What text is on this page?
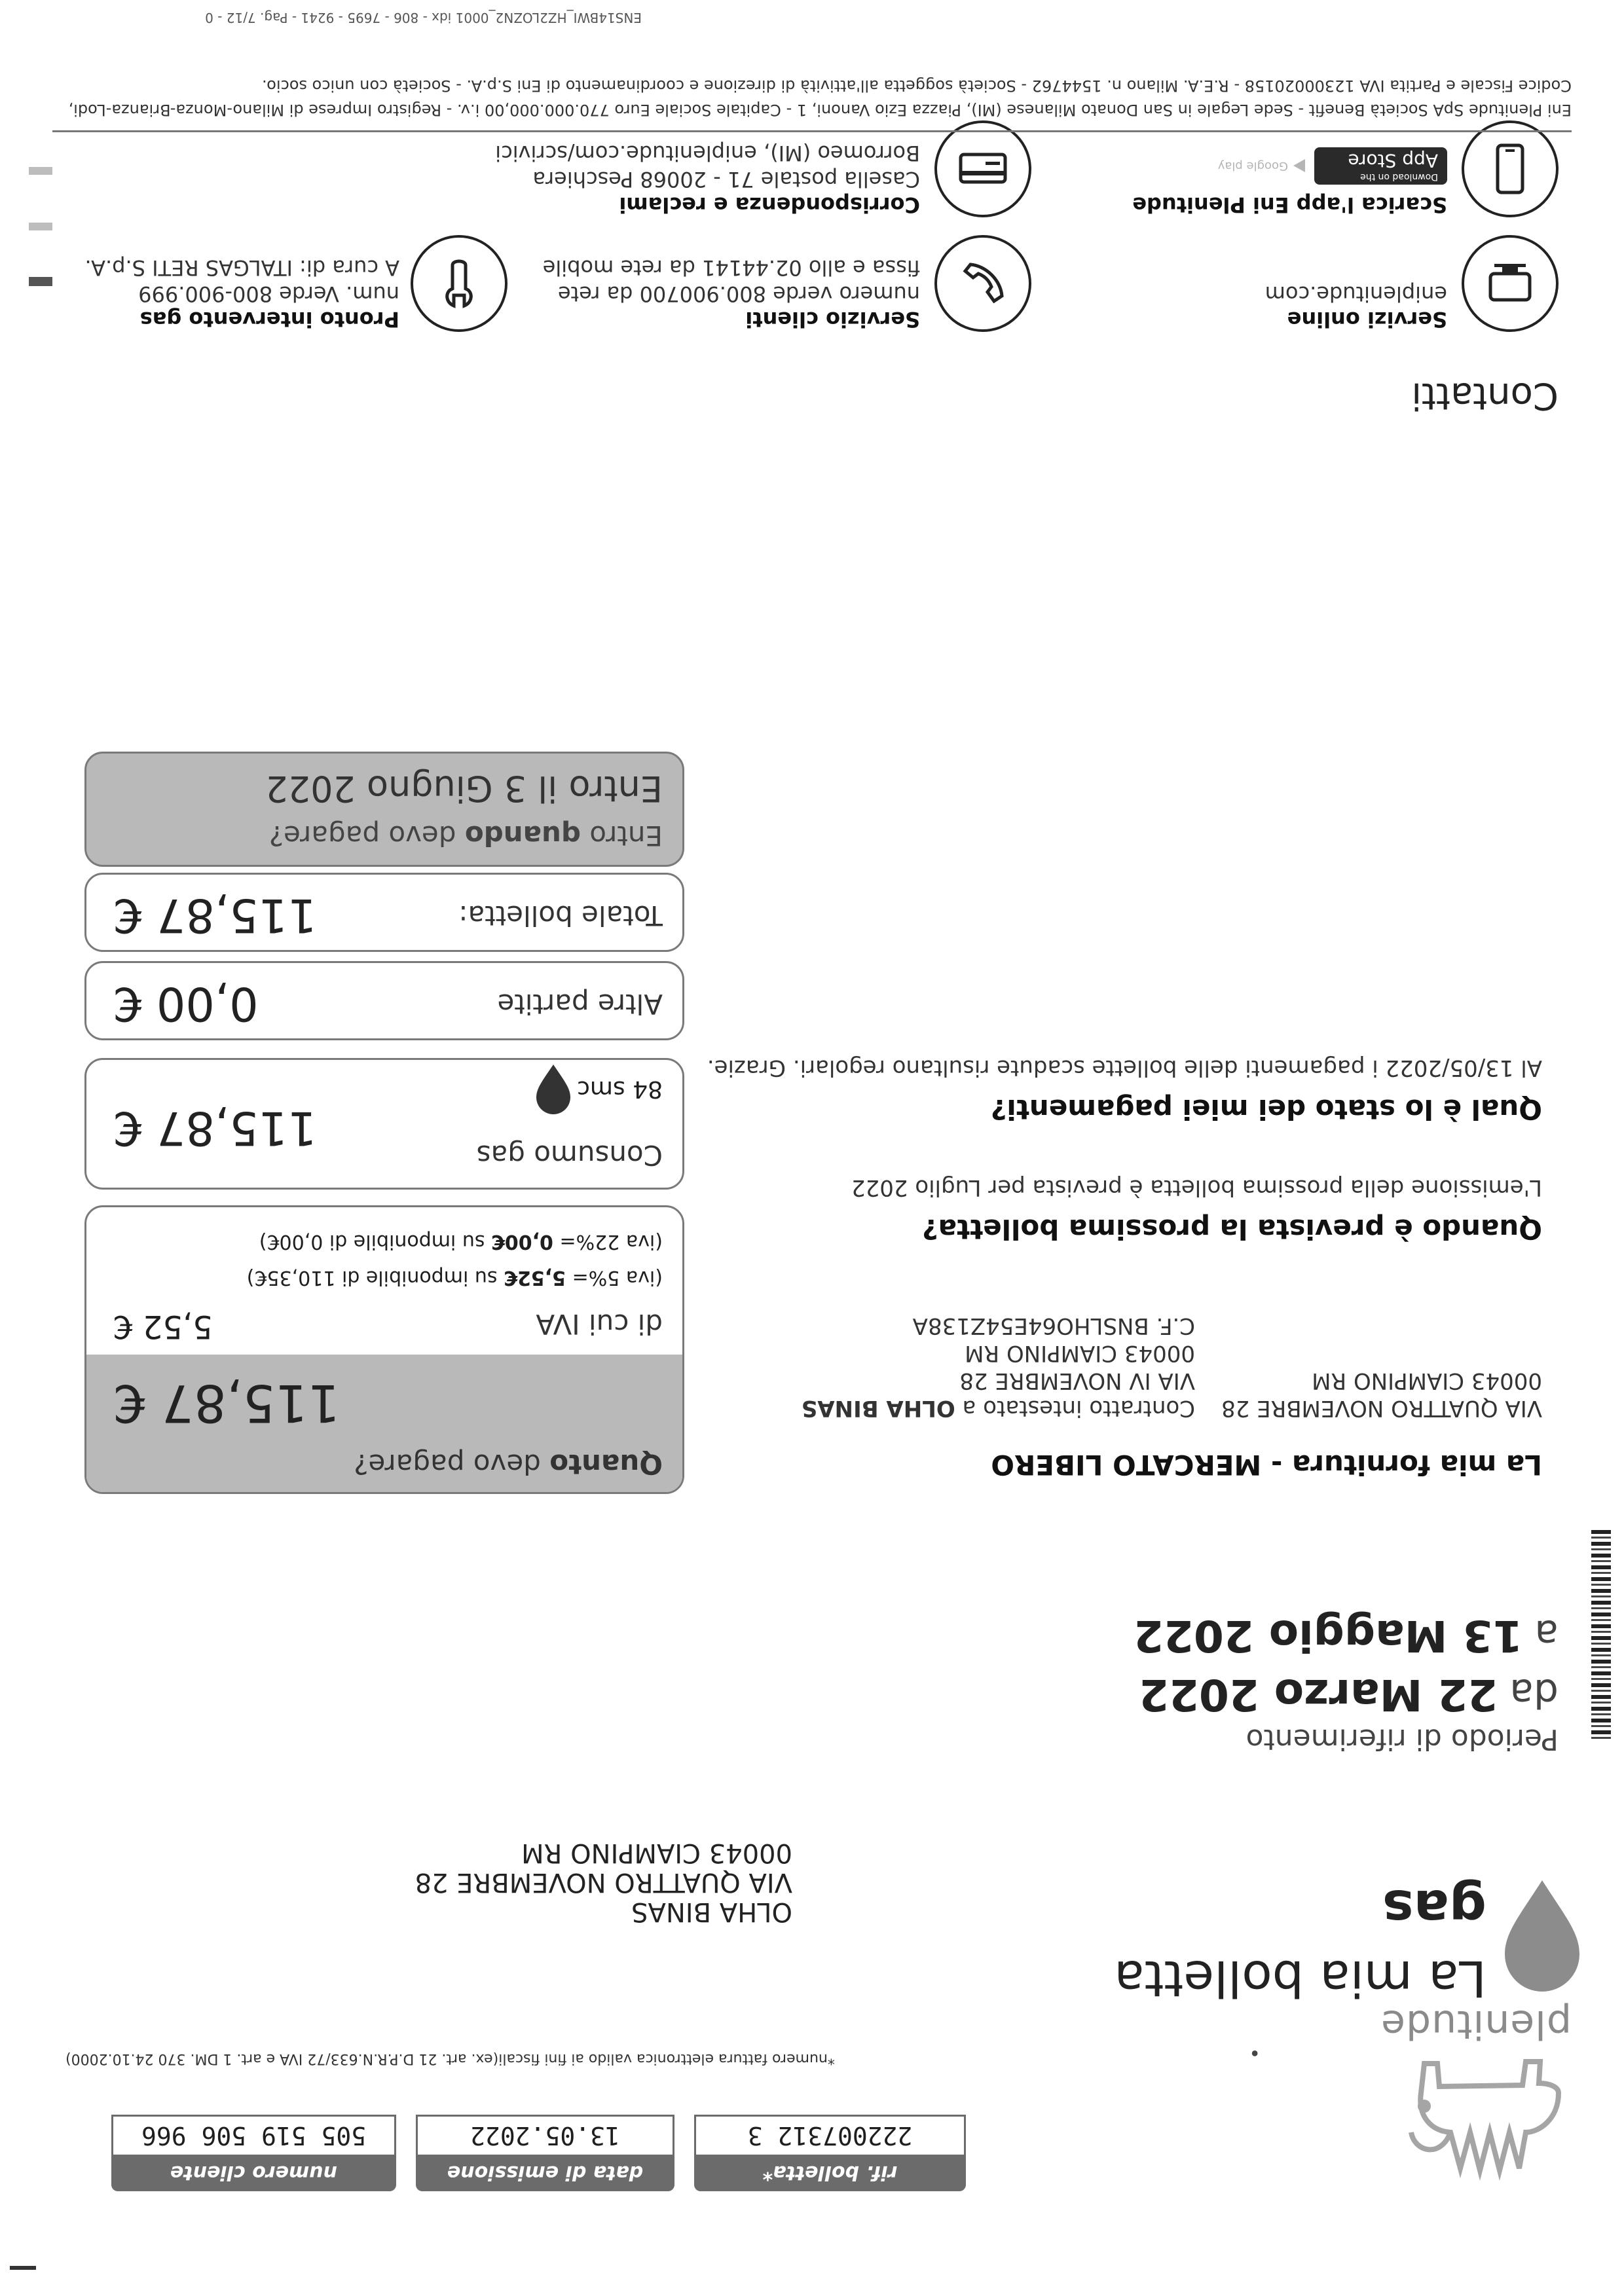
plenitude
•
rif. bolletta*
222007312 3
data di emissione
13.05.2022
numero cliente
505 519 506 966
*numero fattura elettronica valido ai fini fiscali(ex. art. 21 D.P.R.N.633/72 IVA e art. 1 DM. 370 24.10.2000)
La mia bolletta
gas
OLHA BINAS
VIA QUATTRO NOVEMBRE 28
00043 CIAMPINO RM
Periodo di riferimento
da22 Marzo 2022
a13 Maggio 2022
La mia fornitura - MERCATO LIBERO
VIA QUATTRO NOVEMBRE 28
00043 CIAMPINO RM
Contratto intestato a OLHA BINAS
VIA IV NOVEMBRE 28
00043 CIAMPINO RM
C.F. BNSLHO64E54Z138A
Quando è prevista la prossima bolletta?
L'emissione della prossima bolletta è prevista per Luglio 2022
Qual è lo stato dei miei pagamenti?
Al 13/05/2022 i pagamenti delle bollette scadute risultano regolari. Grazie.
Quanto devo pagare?
115,87 €
di cui IVA
5,52 €
(iva 5%= 5,52€ su imponibile di 110,35€)
(iva 22%= 0,00€ su imponibile di 0,00€)
Consumo gas
84 smc
115,87 €
Altre partite
0,00 €
Totale bolletta:
115,87 €
Entro quando devo pagare?
Entro il 3 Giugno 2022
Contatti
Servizi online
eniplenitude.com
Servizio clienti
numero verde 800.900700 da rete
fissa e allo 02.44141 da rete mobile
Pronto intervento gas
num. Verde 800-900.999
A cura di: ITALGAS RETI S.p.A.
Scarica l'app Eni Plenitude
Download on the
App Store
Google play
Corrispondenza e reclami
Casella postale 71 - 20068 Peschiera
Borromeo (MI), eniplenitude.com/scrivici
Eni Plenitude SpA Società Benefit - Sede Legale in San Donato Milanese (MI), Piazza Ezio Vanoni, 1 - Capitale Sociale Euro 770.000.000,00 i.v. - Registro Imprese di Milano-Monza-Brianza-Lodi,
Codice Fiscale e Partita IVA 12300020158 - R.E.A. Milano n. 1544762 - Società soggetta all'attività di direzione e coordinamento di Eni S.p.A. - Società con unico socio.
ENS14BWI_HZ2LOZN2_0001 idx - 806 - 7695 - 9241 - Pag. 7/12 - 0
